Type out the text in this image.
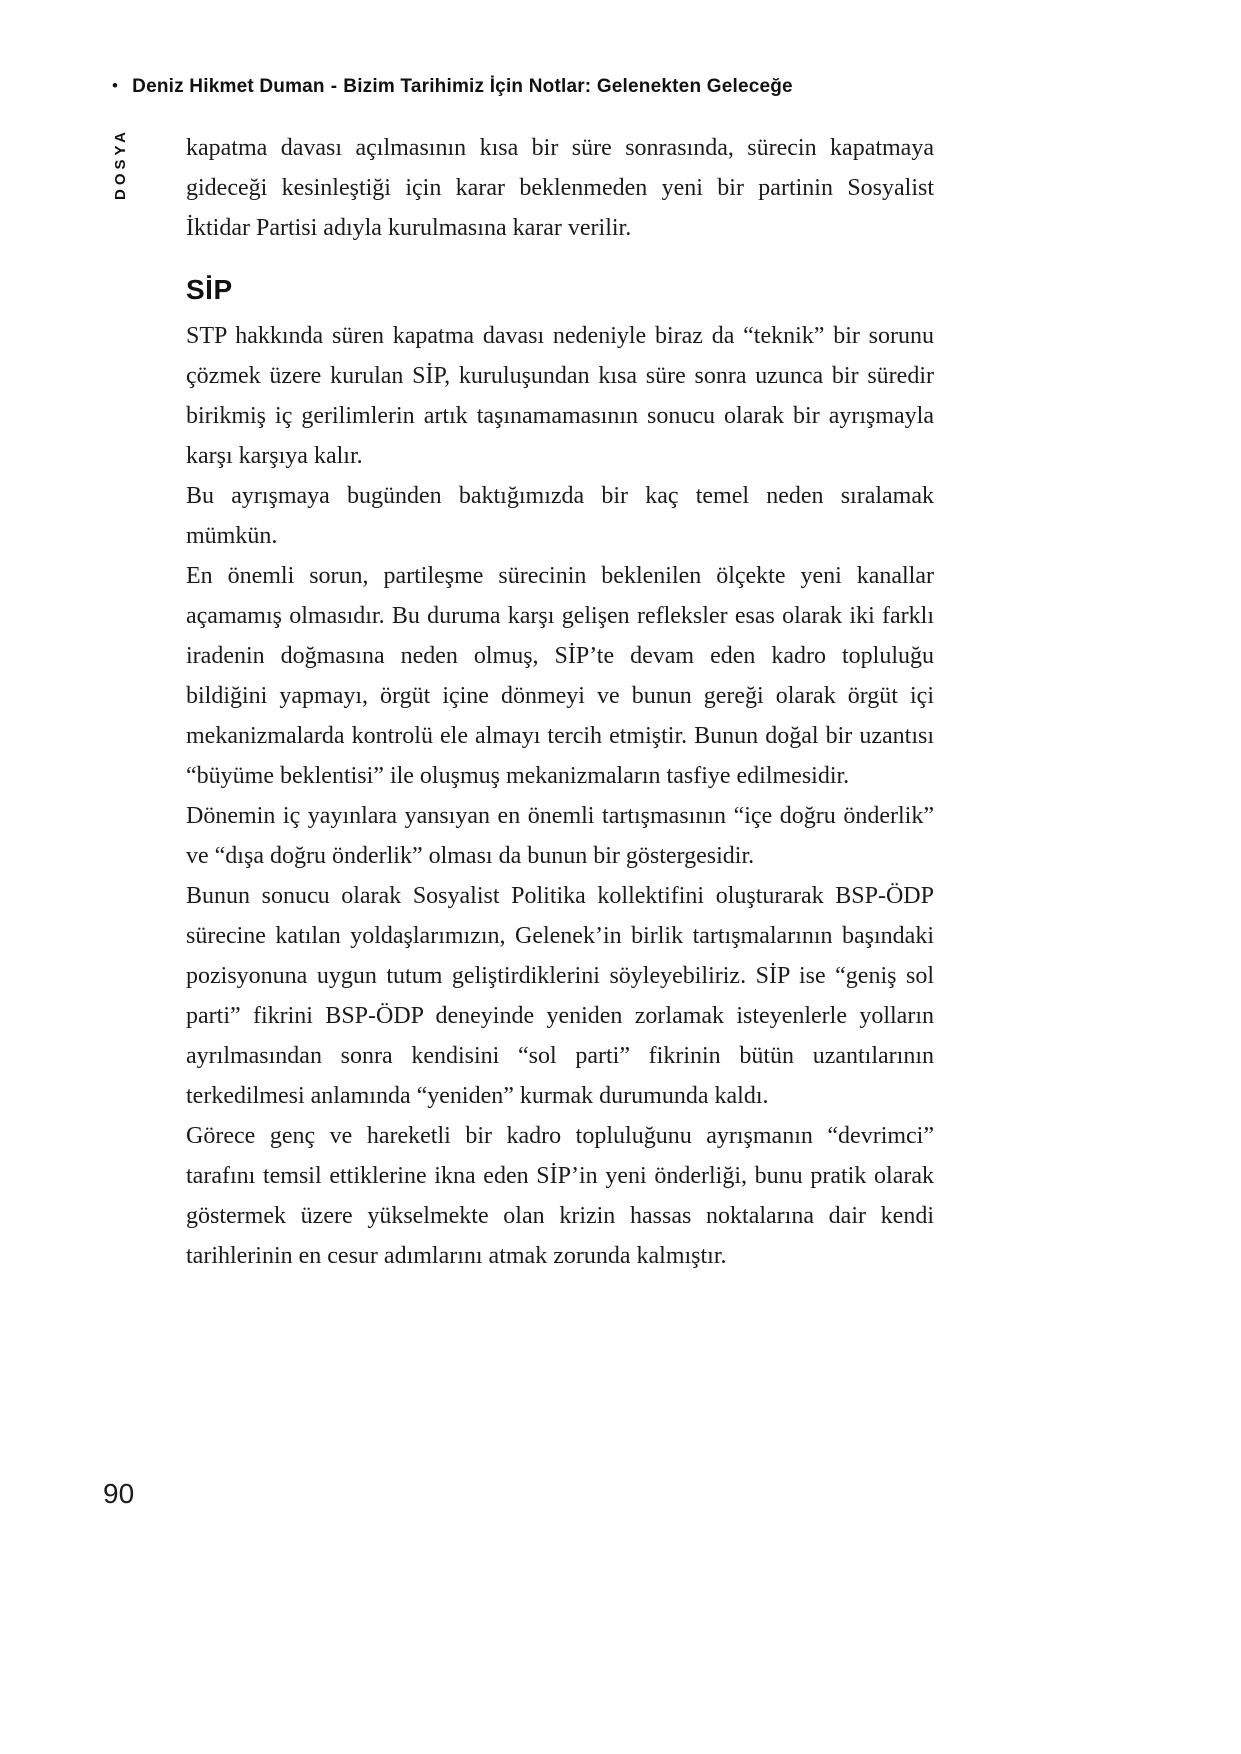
• Deniz Hikmet Duman - Bizim Tarihimiz İçin Notlar: Gelenekten Geleceğe
DOSYA kapatma davası açılmasının kısa bir süre sonrasında, sürecin kapatmaya gideceği kesinleştiği için karar beklenmeden yeni bir partinin Sosyalist İktidar Partisi adıyla kurulmasına karar verilir.

SİP

STP hakkında süren kapatma davası nedeniyle biraz da “teknik” bir sorunu çözmek üzere kurulan SİP, kuruluşundan kısa süre sonra uzunca bir süredir birikmiş iç gerilimlerin artık taşınamamasının sonucu olarak bir ayrışmayla karşı karşıya kalır.

Bu ayrışmaya bugünden baktığımızda bir kaç temel neden sıralamak mümkün.

En önemli sorun, partileşme sürecinin beklenilen ölçekte yeni kanallar açamamış olmasıdır. Bu duruma karşı gelişen refleksler esas olarak iki farklı iradenin doğmasına neden olmuş, SİP’te devam eden kadro topluluğu bildiğini yapmayı, örgüt içine dönmeyi ve bunun gereği olarak örgüt içi mekanizmalarda kontrolü ele almayı tercih etmiştir. Bunun doğal bir uzantısı “büyüme beklentisi” ile oluşmuş mekanizmaların tasfiye edilmesidir.

Dönemin iç yayınlara yansıyan en önemli tartışmasının “içe doğru önderlik” ve “dışa doğru önderlik” olması da bunun bir göstergesidir.

Bunun sonucu olarak Sosyalist Politika kollektifini oluşturarak BSP-ÖDP sürecine katılan yoldaşlarımızın, Gelenek’in birlik tartışmalarının başındaki pozisyonuna uygun tutum geliştirdiklerini söyleyebiliriz. SİP ise “geniş sol parti” fikrini BSP-ÖDP deneyinde yeniden zorlamak isteyenlerle yolların ayrılmasından sonra kendisini “sol parti” fikrinin bütün uzantılarının terkedilmesi anlamında “yeniden” kurmak durumunda kaldı.

Görece genç ve hareketli bir kadro topluluğunu ayrışmanın “devrimci” tarafını temsil ettiklerine ikna eden SİP’in yeni önderliği, bunu pratik olarak göstermek üzere yükselmekte olan krizin hassas noktalarına dair kendi tarihlerinin en cesur adımlarını atmak zorunda kalmıştır.

90
